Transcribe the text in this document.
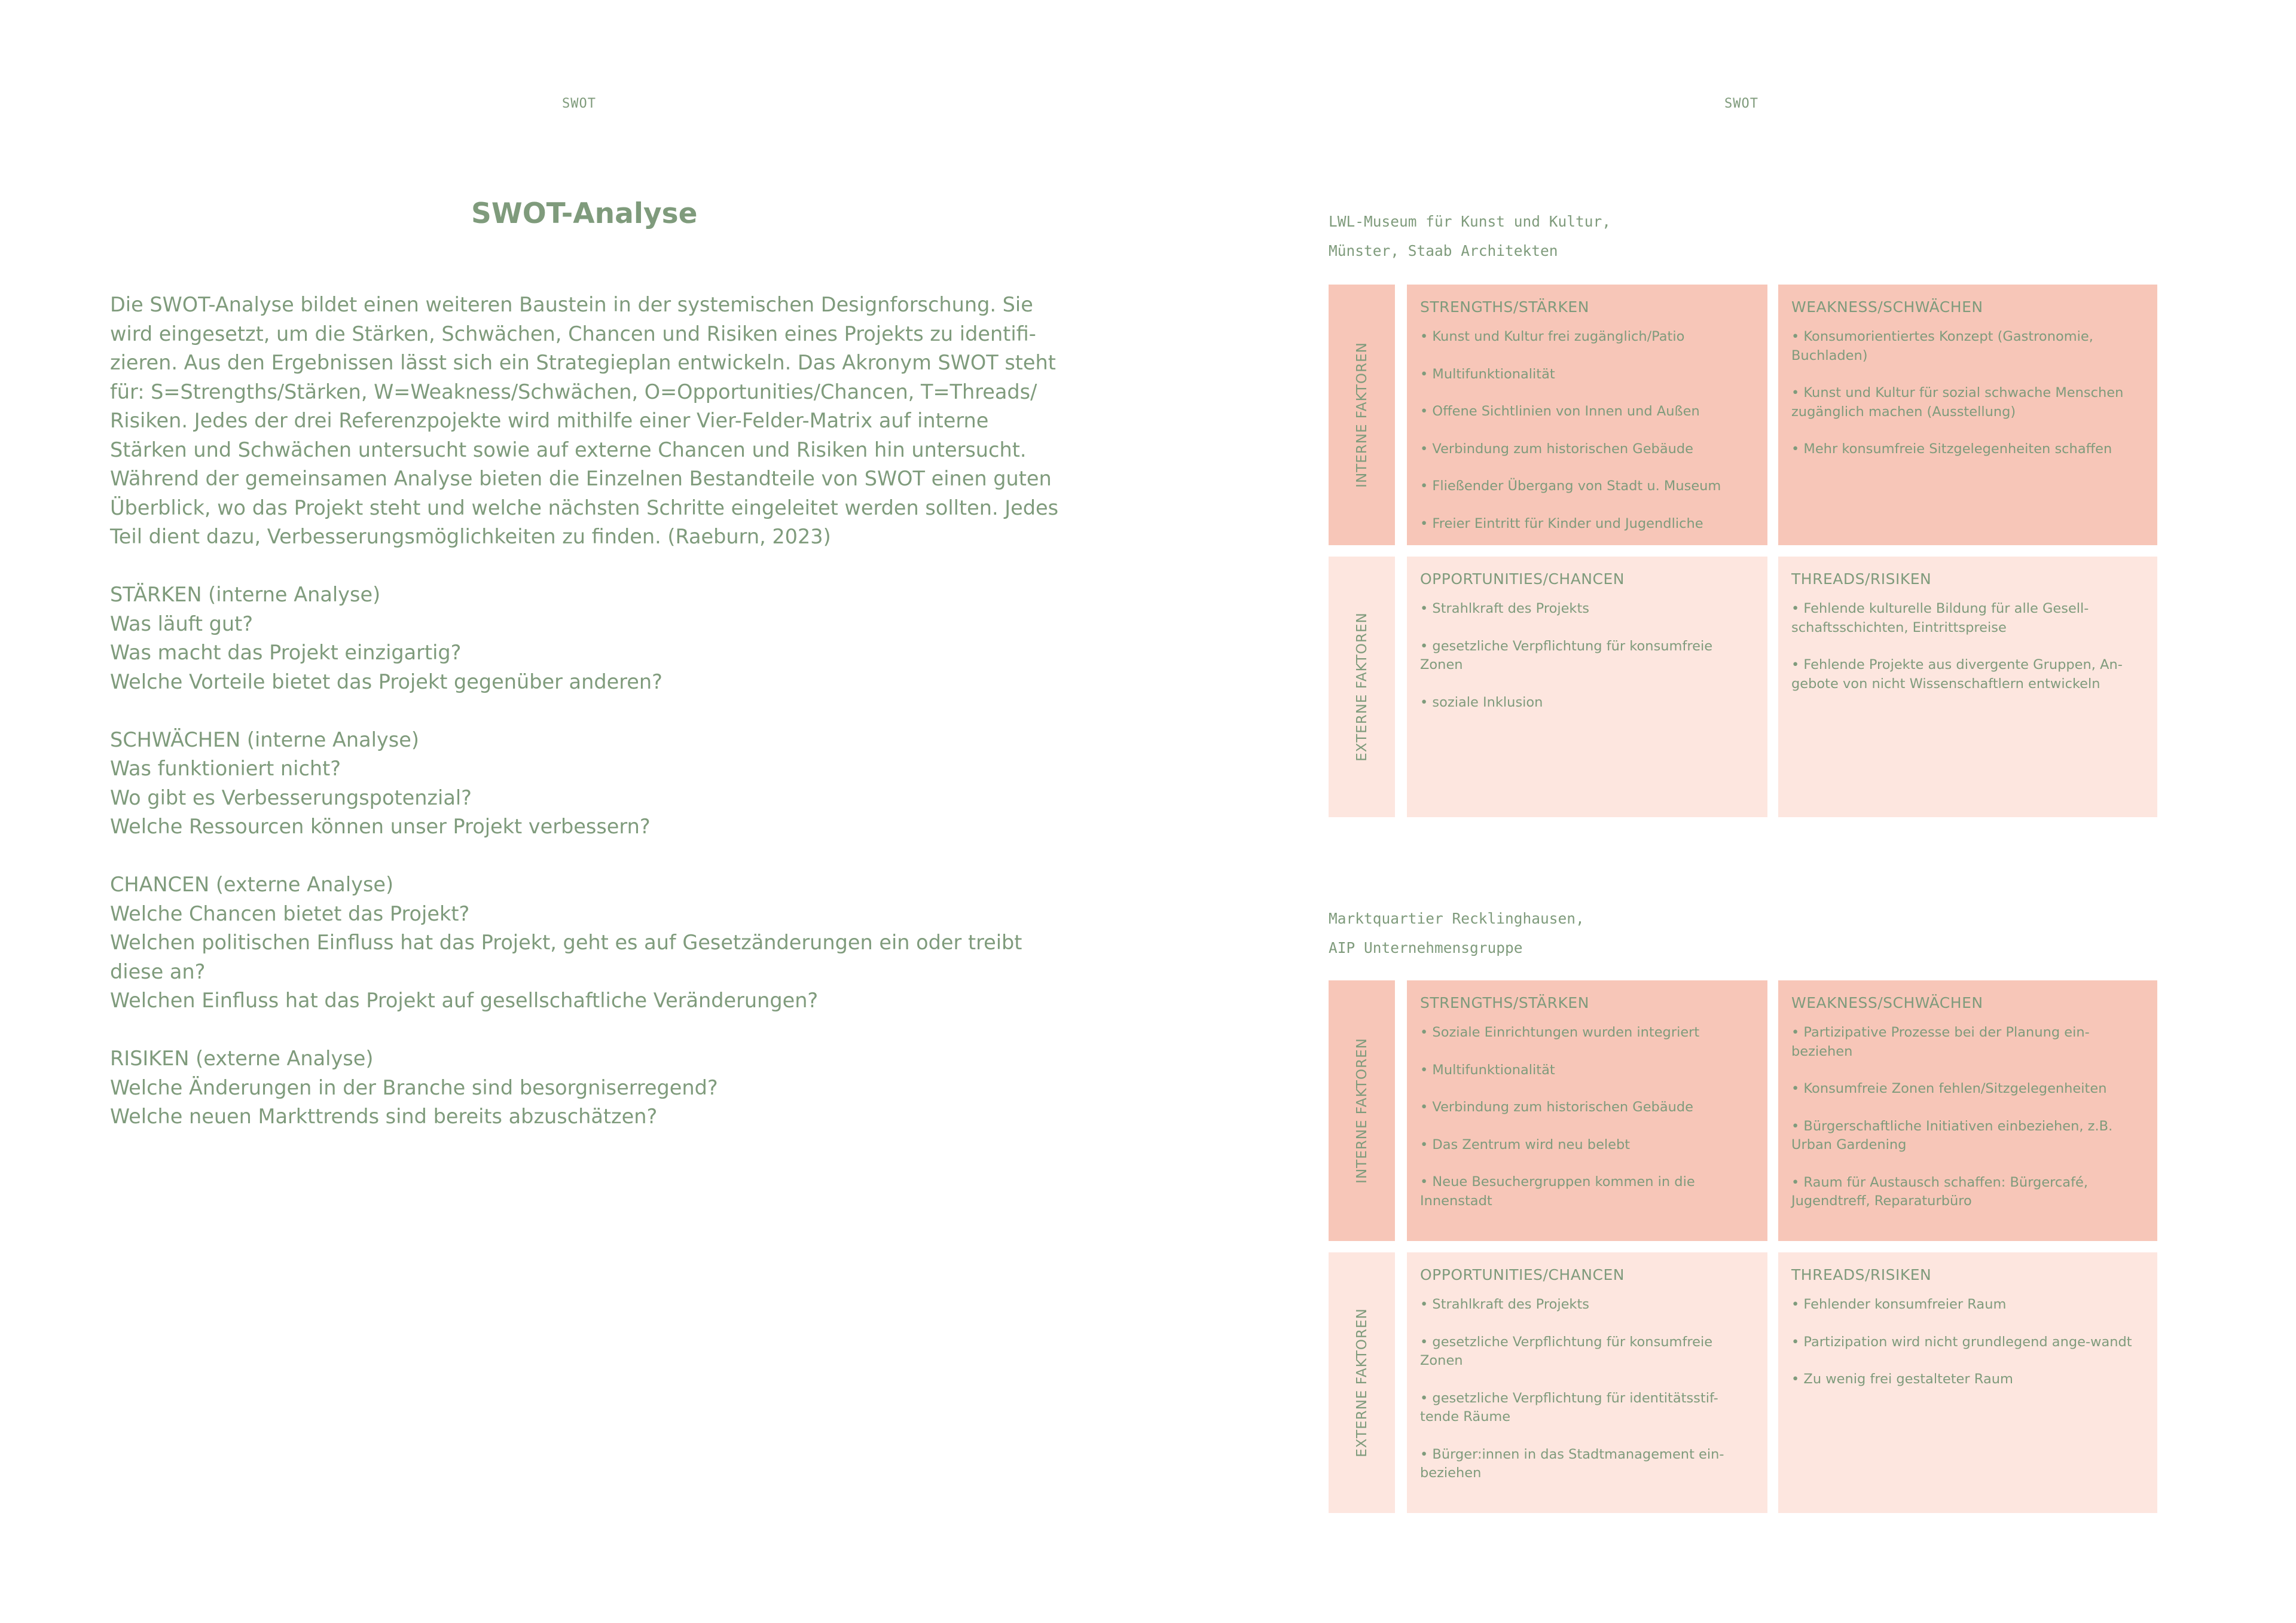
SWOT	SWOT
SWOT-Analyse

Die SWOT-Analyse bildet einen weiteren Baustein in der systemischen Designforschung. Sie
wird eingesetzt, um die Stärken, Schwächen, Chancen und Risiken eines Projekts zu identifi-
zieren. Aus den Ergebnissen lässt sich ein Strategieplan entwickeln. Das Akronym SWOT steht
für: S=Strengths/Stärken, W=Weakness/Schwächen, O=Opportunities/Chancen, T=Threads/
Risiken. Jedes der drei Referenzpojekte wird mithilfe einer Vier-Felder-Matrix auf interne
Stärken und Schwächen untersucht sowie auf externe Chancen und Risiken hin untersucht.
Während der gemeinsamen Analyse bieten die Einzelnen Bestandteile von SWOT einen guten
Überblick, wo das Projekt steht und welche nächsten Schritte eingeleitet werden sollten. Jedes
Teil dient dazu, Verbesserungsmöglichkeiten zu finden. (Raeburn, 2023)

STÄRKEN (interne Analyse)
Was läuft gut?
Was macht das Projekt einzigartig?
Welche Vorteile bietet das Projekt gegenüber anderen?

SCHWÄCHEN (interne Analyse)
Was funktioniert nicht?
Wo gibt es Verbesserungspotenzial?
Welche Ressourcen können unser Projekt verbessern?

CHANCEN (externe Analyse)
Welche Chancen bietet das Projekt?
Welchen politischen Einfluss hat das Projekt, geht es auf Gesetzänderungen ein oder treibt
diese an?
Welchen Einfluss hat das Projekt auf gesellschaftliche Veränderungen?

RISIKEN (externe Analyse)
Welche Änderungen in der Branche sind besorgniserregend?
Welche neuen Markttrends sind bereits abzuschätzen?

LWL-Museum für Kunst und Kultur,
Münster, Staab Architekten
INTERNE FAKTOREN
EXTERNE FAKTOREN
STRENGTHS/STÄRKEN
• Kunst und Kultur frei zugänglich/Patio
• Multifunktionalität
• Offene Sichtlinien von Innen und Außen
• Verbindung zum historischen Gebäude
• Fließender Übergang von Stadt u. Museum
• Freier Eintritt für Kinder und Jugendliche
WEAKNESS/SCHWÄCHEN
• Konsumorientiertes Konzept (Gastronomie, Buchladen)
• Kunst und Kultur für sozial schwache Menschen zugänglich machen (Ausstellung)
• Mehr konsumfreie Sitzgelegenheiten schaffen
OPPORTUNITIES/CHANCEN
• Strahlkraft des Projekts
• gesetzliche Verpflichtung für konsumfreie Zonen
• soziale Inklusion
THREADS/RISIKEN
• Fehlende kulturelle Bildung für alle Gesell-schaftsschichten, Eintrittspreise
• Fehlende Projekte aus divergente Gruppen, An-gebote von nicht Wissenschaftlern entwickeln
Marktquartier Recklinghausen,
AIP Unternehmensgruppe
INTERNE FAKTOREN
EXTERNE FAKTOREN
STRENGTHS/STÄRKEN
• Soziale Einrichtungen wurden integriert
• Multifunktionalität
• Verbindung zum historischen Gebäude
• Das Zentrum wird neu belebt
• Neue Besuchergruppen kommen in die Innenstadt
WEAKNESS/SCHWÄCHEN
• Partizipative Prozesse bei der Planung ein-beziehen
• Konsumfreie Zonen fehlen/Sitzgelegenheiten
• Bürgerschaftliche Initiativen einbeziehen, z.B. Urban Gardening
• Raum für Austausch schaffen: Bürgercafé, Jugendtreff, Reparaturbüro
OPPORTUNITIES/CHANCEN
• Strahlkraft des Projekts
• gesetzliche Verpflichtung für konsumfreie Zonen
• gesetzliche Verpflichtung für identitätsstif-tende Räume
• Bürger:innen in das Stadtmanagement ein-beziehen
THREADS/RISIKEN
• Fehlender konsumfreier Raum
• Partizipation wird nicht grundlegend ange-wandt
• Zu wenig frei gestalteter Raum
